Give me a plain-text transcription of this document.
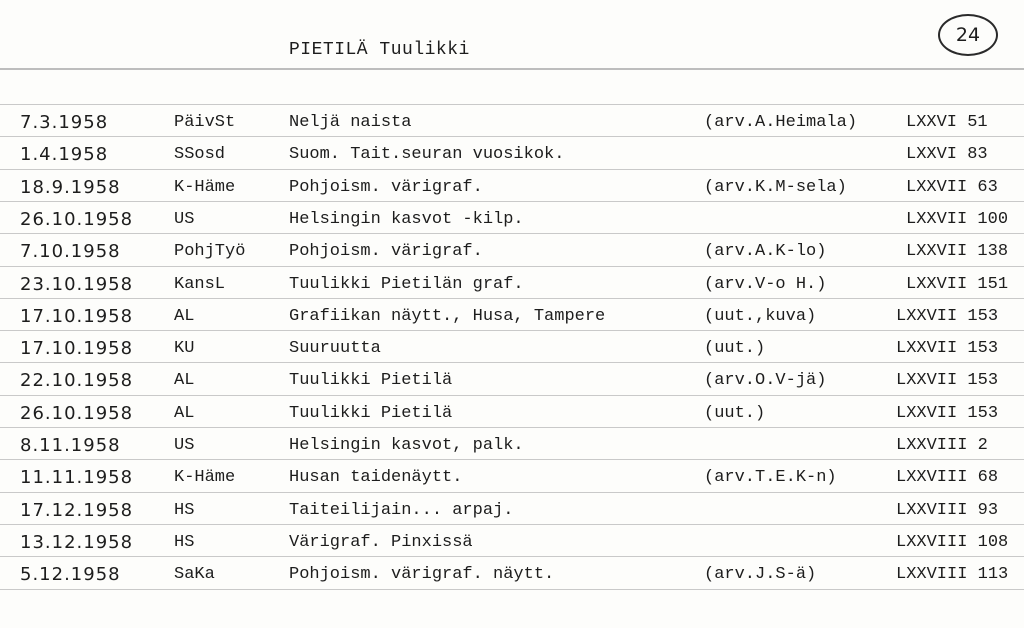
PIETILÄ Tuulikki
24
7.3.1958	PäivSt	Neljä naista	(arv.A.Heimala)	LXXVI 51
1.4.1958	SSosd	Suom. Tait.seuran vuosikok.	LXXVI 83
18.9.1958	K-Häme	Pohjoism. värigraf.	(arv.K.M-sela)	LXXVII 63
26.10.1958 US	Helsingin kasvot -kilp.	LXXVII 100
7.10.1958	PohjTyö	Pohjoism. värigraf.	(arv.A.K-lo)	LXXVII 138
23.10.1958 KansL	Tuulikki Pietilän graf.	(arv.V-o H.)	LXXVII 151
17.10.1958 AL	Grafiikan näytt., Husa, Tampere	(uut.,kuva)	LXXVII 153
17.10.1958 KU	Suuruutta	(uut.)	LXXVII 153
22.10.1958 AL	Tuulikki Pietilä	(arv.O.V-jä)	LXXVII 153
26.10.1958 AL	Tuulikki Pietilä	(uut.)	LXXVII 153
8.11.1958	US	Helsingin kasvot, palk.	LXXVIII 2
11.11.1958 K-Häme	Husan taidenäytt.	(arv.T.E.K-n)	LXXVIII 68
17.12.1958 HS	Taiteilijain... arpaj.	LXXVIII 93
13.12.1958 HS	Värigraf. Pinxissä	LXXVIII 108
5.12.1958	SaKa	Pohjoism. värigraf. näytt.	(arv.J.S-ä)	LXXVIII 113
